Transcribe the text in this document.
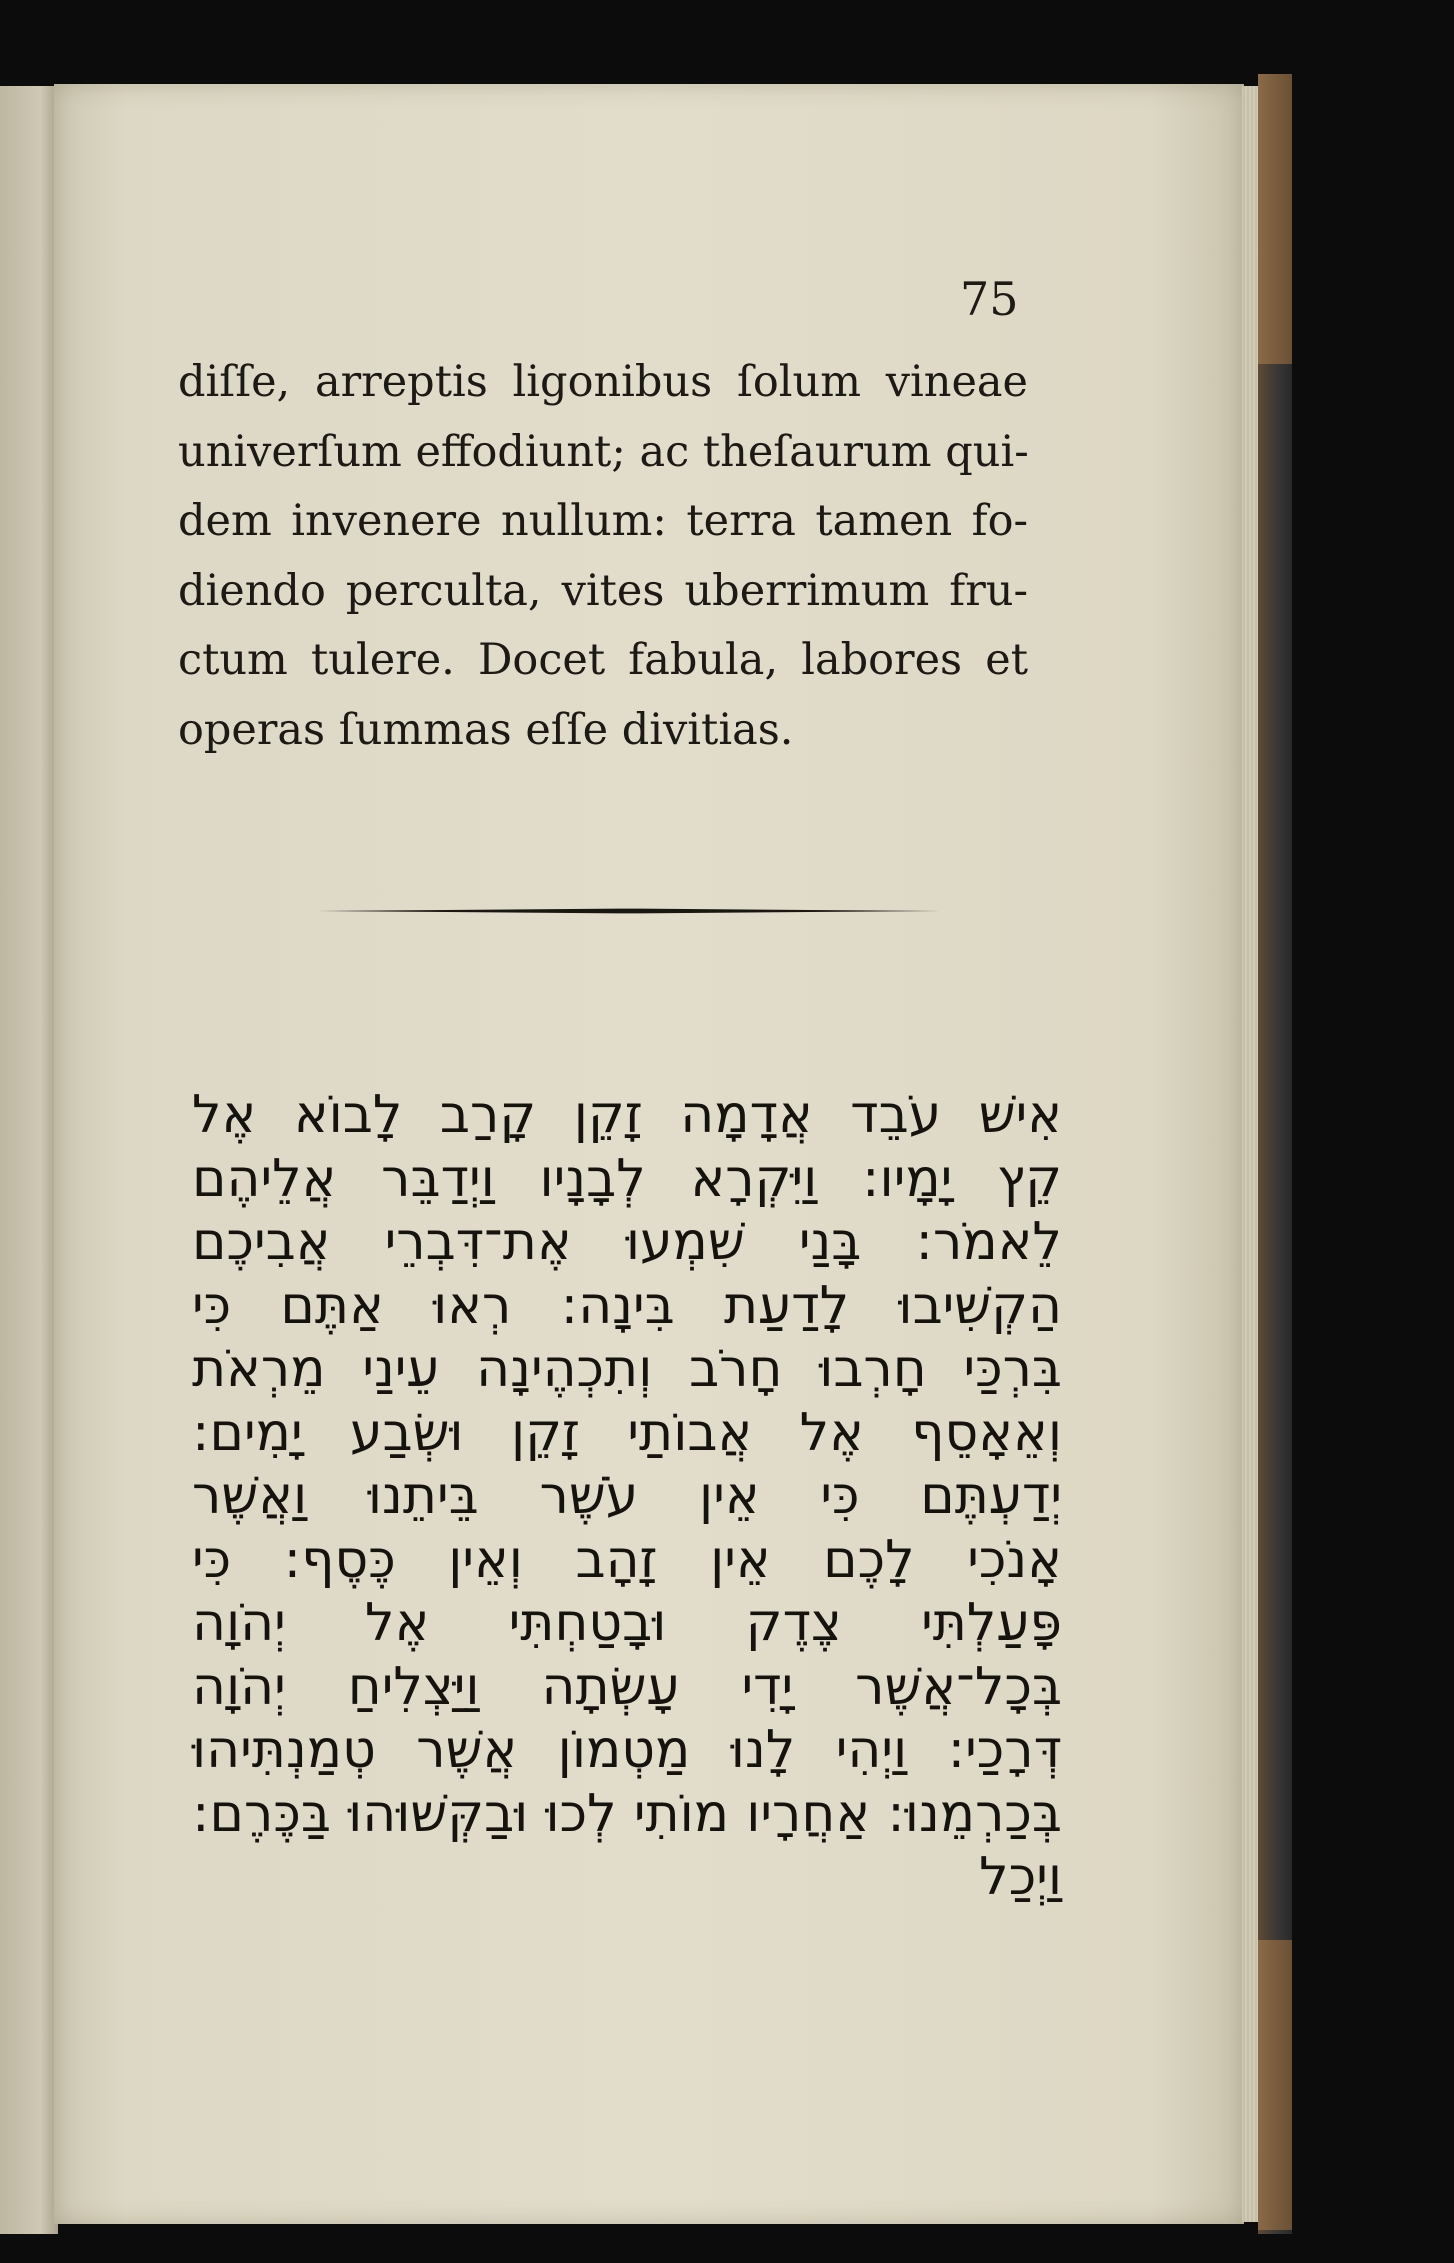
75
diſſe, arreptis ligonibus ſolum vineae
univerſum effodiunt; ac theſaurum qui-
dem invenere nullum: terra tamen fo-
diendo perculta, vites uberrimum fru-
ctum tulere. Docet fabula, labores et
operas ſummas eſſe divitias.
אִישׁ עֹבֵד אֲדָמָה זָקֵן קָרַב לָבוֹא אֶל
קֵץ יָמָיו: וַיִּקְרָא לְבָנָיו וַיְדַבֵּר אֲלֵיהֶם
לֵאמֹר: בָּנַי שִׁמְעוּ אֶת־דִּבְרֵי אֲבִיכֶם
הַקְשִׁיבוּ לָדַעַת בִּינָה: רְאוּ אַתֶּם כִּי
בִּרְכַּי חָרְבוּ חָרֹב וְתִכְהֶינָה עֵינַי מֵרְאֹת
וְאֵאָסֵף אֶל אֲבוֹתַי זָקֵן וּשְׂבַע יָמִים:
יְדַעְתֶּם כִּי אֵין עֹשֶׁר בֵּיתֵנוּ וַאֲשֶׁר
אָנֹכִי לָכֶם אֵין זָהָב וְאֵין כֶּסֶף: כִּי
פָּעַלְתִּי צֶדֶק וּבָטַחְתִּי אֶל יְהֹוָה
בְּכָל־אֲשֶׁר יָדִי עָשְׂתָה וַיַּצְלִיחַ יְהֹוָה
דְּרָכַי: וַיְהִי לָנוּ מַטְמוֹן אֲשֶׁר טְמַנְתִּיהוּ
בְּכַרְמֵנוּ: אַחֲרָיו מוֹתִי לְכוּ וּבַקְּשׁוּהוּ בַּכֶּרֶם:
וַיְכַל
